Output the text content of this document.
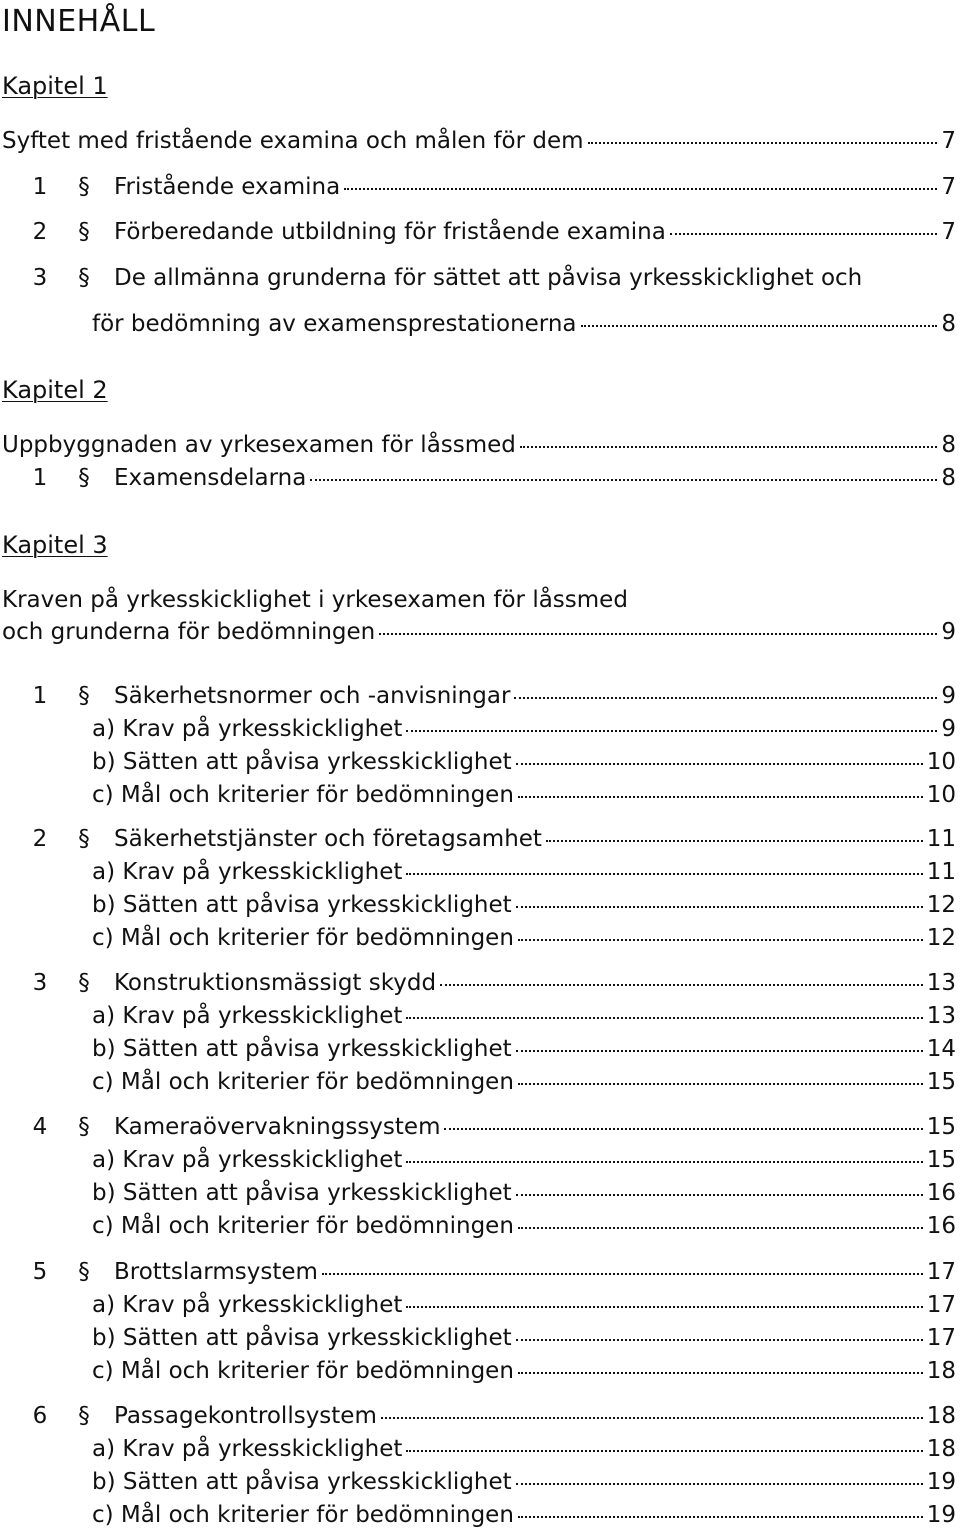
INNEHÅLL
Kapitel 1
Syftet med fristående examina och målen för dem	7
1	§	Fristående examina	7
2	§	Förberedande utbildning för fristående examina	7
3	§	De allmänna grunderna för sättet att påvisa yrkesskicklighet och
för bedömning av examensprestationerna	8
Kapitel 2
Uppbyggnaden av yrkesexamen för låssmed	8
1	§	Examensdelarna	8
Kapitel 3

Kraven på yrkesskicklighet i yrkesexamen för låssmed

och grunderna för bedömningen	9
1	§	Säkerhetsnormer och -anvisningar	9
a) Krav på yrkesskicklighet	9
b) Sätten att påvisa yrkesskicklighet	10
c) Mål och kriterier för bedömningen	10
2	§	Säkerhetstjänster och företagsamhet	11
a) Krav på yrkesskicklighet	11
b) Sätten att påvisa yrkesskicklighet	12
c) Mål och kriterier för bedömningen	12
3	§	Konstruktionsmässigt skydd	13
a) Krav på yrkesskicklighet	13
b) Sätten att påvisa yrkesskicklighet	14
c) Mål och kriterier för bedömningen	15
4	§	Kameraövervakningssystem	15
a) Krav på yrkesskicklighet	15
b) Sätten att påvisa yrkesskicklighet	16
c) Mål och kriterier för bedömningen	16
5	§	Brottslarmsystem	17
a) Krav på yrkesskicklighet	17
b) Sätten att påvisa yrkesskicklighet	17
c) Mål och kriterier för bedömningen	18
6	§	Passagekontrollsystem	18
a) Krav på yrkesskicklighet	18
b) Sätten att påvisa yrkesskicklighet	19
c) Mål och kriterier för bedömningen	19
